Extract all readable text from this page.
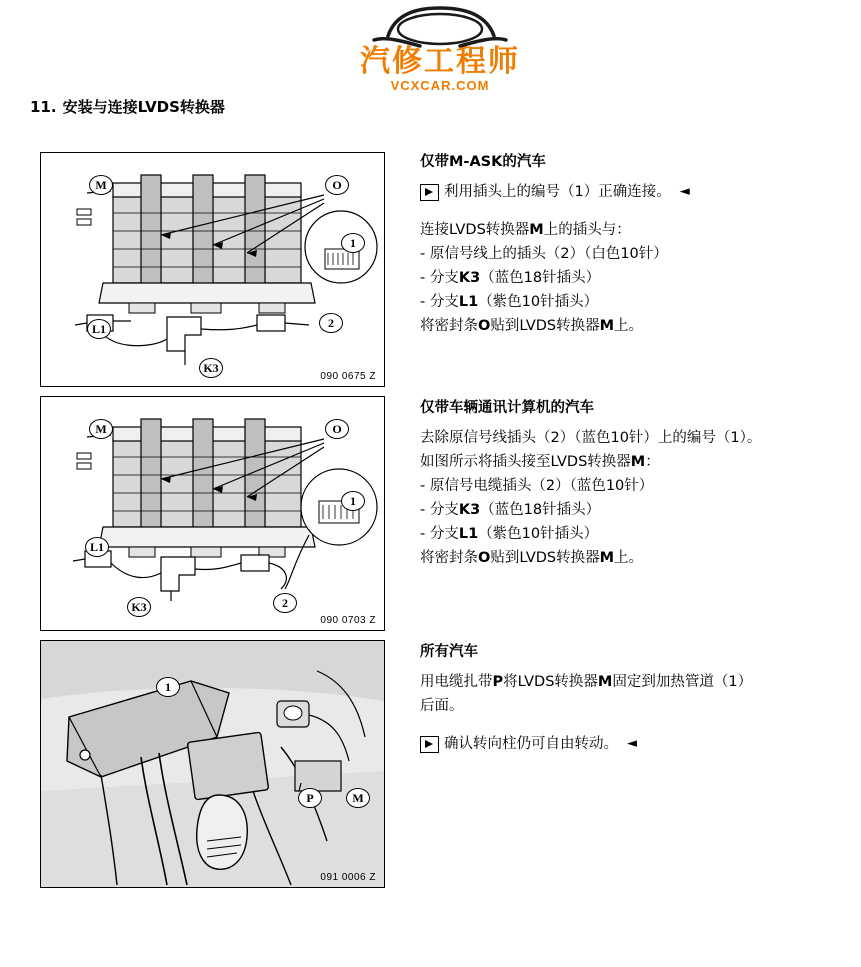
汽修工程师
VCXCAR.COM
11. 安装与连接LVDS转换器
L1
M	O
1
2
K3
090 0675 Z
M	O
1
L1
K3	2
090 0703 Z
1
P	M
091 0006 Z
仅带M-ASK的汽车
利用插头上的编号（1）正确连接。 ◄
连接LVDS转换器M上的插头与：
- 原信号线上的插头（2）（白色10针）
- 分支K3（蓝色18针插头）
- 分支L1（紫色10针插头）
将密封条O贴到LVDS转换器M上。
仅带车辆通讯计算机的汽车
去除原信号线插头（2）（蓝色10针）上的编号（1）。
如图所示将插头接至LVDS转换器M：
- 原信号电缆插头（2）（蓝色10针）
- 分支K3（蓝色18针插头）
- 分支L1（紫色10针插头）
将密封条O贴到LVDS转换器M上。
所有汽车
用电缆扎带P将LVDS转换器M固定到加热管道（1）
后面。
确认转向柱仍可自由转动。 ◄
